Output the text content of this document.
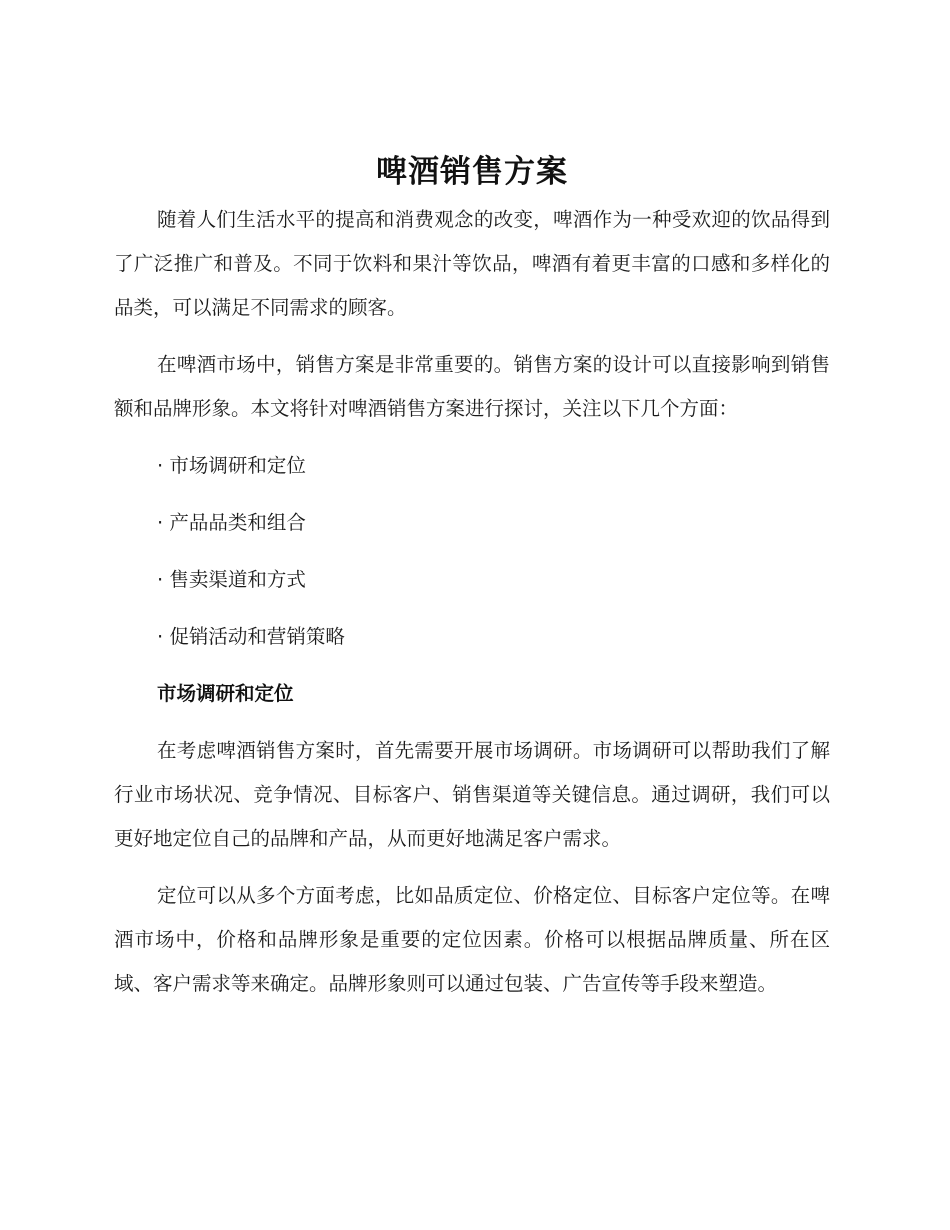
啤酒销售方案

随着人们生活水平的提高和消费观念的改变，啤酒作为一种受欢迎的饮品得到了广泛推广和普及。不同于饮料和果汁等饮品，啤酒有着更丰富的口感和多样化的品类，可以满足不同需求的顾客。

在啤酒市场中，销售方案是非常重要的。销售方案的设计可以直接影响到销售额和品牌形象。本文将针对啤酒销售方案进行探讨，关注以下几个方面：

· 市场调研和定位
· 产品品类和组合
· 售卖渠道和方式
· 促销活动和营销策略
市场调研和定位

在考虑啤酒销售方案时，首先需要开展市场调研。市场调研可以帮助我们了解行业市场状况、竞争情况、目标客户、销售渠道等关键信息。通过调研，我们可以更好地定位自己的品牌和产品，从而更好地满足客户需求。

定位可以从多个方面考虑，比如品质定位、价格定位、目标客户定位等。在啤酒市场中，价格和品牌形象是重要的定位因素。价格可以根据品牌质量、所在区域、客户需求等来确定。品牌形象则可以通过包装、广告宣传等手段来塑造。
